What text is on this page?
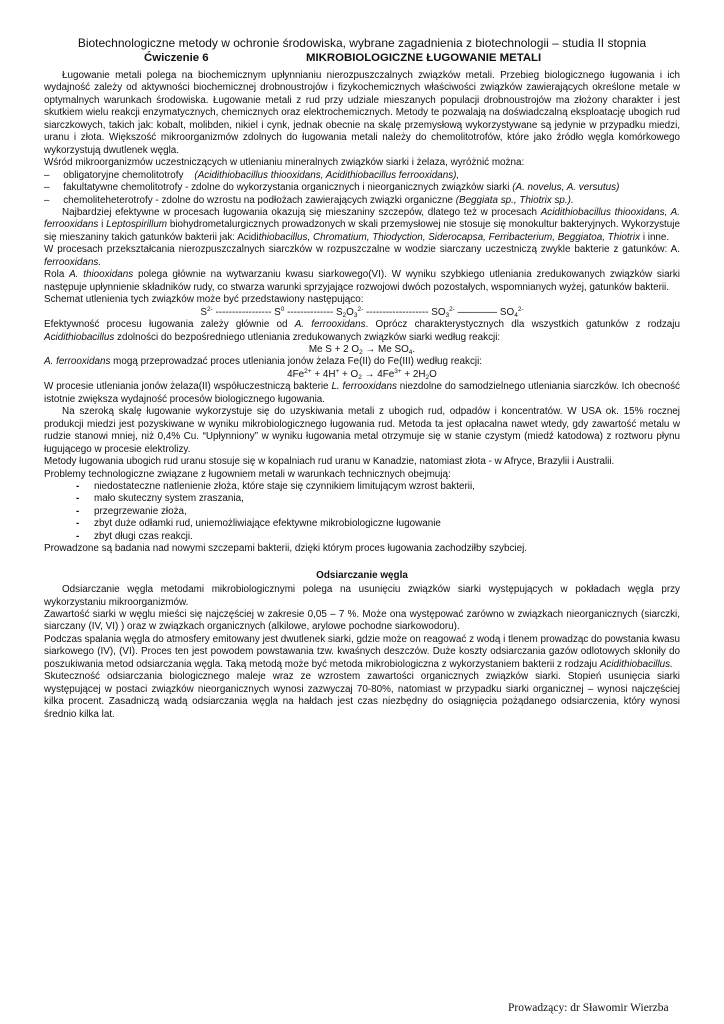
Biotechnologiczne metody w ochronie środowiska, wybrane zagadnienia z biotechnologii – studia II stopnia
Ćwiczenie 6	MIKROBIOLOGICZNE ŁUGOWANIE METALI

Ługowanie metali polega na biochemicznym upłynnianiu nierozpuszczalnych związków metali. Przebieg biologicznego ługowania i ich wydajność zależy od aktywności biochemicznej drobnoustrojów i fizykochemicznych właściwości związków zawierających określone metale w optymalnych warunkach środowiska. Ługowanie metali z rud przy udziale mieszanych populacji drobnoustrojów ma złożony charakter i jest skutkiem wielu reakcji enzymatycznych, chemicznych oraz elektrochemicznych. Metody te pozwalają na doświadczalną eksploatację ubogich rud siarczkowych, takich jak: kobalt, molibden, nikiel i cynk, jednak obecnie na skalę przemysłową wykorzystywane są jedynie w przypadku miedzi, uranu i złota. Większość mikroorganizmów zdolnych do ługowania metali należy do chemolitotrofów, które jako źródło węgla komórkowego wykorzystują dwutlenek węgla.

Wśród mikroorganizmów uczestniczących w utlenianiu mineralnych związków siarki i żelaza, wyróżnić można:

–     obligatoryjne chemolitotrofy (Acidithiobacillus thiooxidans, Acidithiobacillus ferrooxidans),
–     fakultatywne chemolitotrofy - zdolne do wykorzystania organicznych i nieorganicznych związków siarki (A. novelus, A. versutus)
–     chemoliteheterotrofy - zdolne do wzrostu na podłożach zawierających związki organiczne (Beggiata sp., Thiotrix sp.).

Najbardziej efektywne w procesach ługowania okazują się mieszaniny szczepów, dlatego też w procesach Acidithiobacillus thiooxidans, A. ferrooxidans i Leptospirillum biohydrometalurgicznych prowadzonych w skali przemysłowej nie stosuje się monokultur bakteryjnych. Wykorzystuje się mieszaniny takich gatunków bakterii jak: Acidithiobacillus, Chromatium, Thiodyction, Siderocapsa, Ferribacterium, Beggiatoa, Thiotrix i inne.

W procesach przekształcania nierozpuszczalnych siarczków w rozpuszczalne w wodzie siarczany uczestniczą zwykle bakterie z gatunków: A. ferrooxidans.

Rola A. thiooxidans polega głównie na wytwarzaniu kwasu siarkowego(VI). W wyniku szybkiego utleniania zredukowanych związków siarki następuje upłynnienie składników rudy, co stwarza warunki sprzyjające rozwojowi dwóch pozostałych, wspomnianych wyżej, gatunków bakterii.

Schemat utlenienia tych związków może być przedstawiony następująco:

$S^{2-}$ ----------------- $S^0$ -------------- $S_2O_3^{2-}$ ------------------- $SO_3^{2-}$ ———— $SO_4^{2-}$

Efektywność procesu ługowania zależy głównie od A. ferrooxidans. Oprócz charakterystycznych dla wszystkich gatunków z rodzaju Acidithiobacillus zdolności do bezpośredniego utleniania zredukowanych związków siarki według reakcji:

Me S + 2 $O_2 \to Me$ $SO_4$.

A. ferrooxidans mogą przeprowadzać proces utleniania jonów żelaza Fe(II) do Fe(III) według reakcji:

$4Fe^{2+} + 4H^+ + O_2 \to 4Fe^{3+} + 2H_2O$

W procesie utleniania jonów żelaza(II) współuczestniczą bakterie L. ferrooxidans niezdolne do samodzielnego utleniania siarczków. Ich obecność istotnie zwiększa wydajność procesów biologicznego ługowania.

Na szeroką skalę ługowanie wykorzystuje się do uzyskiwania metali z ubogich rud, odpadów i koncentratów. W USA ok. 15% rocznej produkcji miedzi jest pozyskiwane w wyniku mikrobiologicznego ługowania rud. Metoda ta jest opłacalna nawet wtedy, gdy zawartość metalu w rudzie stanowi mniej, niż 0,4% Cu. “Upłynniony” w wyniku ługowania metal otrzymuje się w stanie czystym (miedź katodowa) z roztworu płynu ługującego w procesie elektrolizy.

Metody ługowania ubogich rud uranu stosuje się w kopalniach rud uranu w Kanadzie, natomiast złota - w Afryce, Brazylii i Australii.

Problemy technologiczne związane z ługowniem metali w warunkach technicznych obejmują:

- niedostateczne natlenienie złoża, które staje się czynnikiem limitującym wzrost bakterii,
- mało skuteczny system zraszania,
- przegrzewanie złoża,
- zbyt duże odłamki rud, uniemożliwiające efektywne mikrobiologiczne ługowanie
- zbyt długi czas reakcji.

Prowadzone są badania nad nowymi szczepami bakterii, dzięki którym proces ługowania zachodziłby szybciej.

Odsiarczanie węgla

Odsiarczanie węgla metodami mikrobiologicznymi polega na usunięciu związków siarki występujących w pokładach węgla przy wykorzystaniu mikroorganizmów.

Zawartość siarki w węglu mieści się najczęściej w zakresie 0,05 – 7 %. Może ona występować zarówno w związkach nieorganicznych (siarczki, siarczany (IV, VI) ) oraz w związkach organicznych (alkilowe, arylowe pochodne siarkowodoru).

Podczas spalania węgla do atmosfery emitowany jest dwutlenek siarki, gdzie może on reagować z wodą i tlenem prowadząc do powstania kwasu siarkowego (IV), (VI). Proces ten jest powodem powstawania tzw. kwaśnych deszczów. Duże koszty odsiarczania gazów odlotowych skłoniły do poszukiwania metod odsiarczania węgla. Taką metodą może być metoda mikrobiologiczna z wykorzystaniem bakterii z rodzaju Acidithiobacillus.

Skuteczność odsiarczania biologicznego maleje wraz ze wzrostem zawartości organicznych związków siarki. Stopień usunięcia siarki występującej w postaci związków nieorganicznych wynosi zazwyczaj 70-80%, natomiast w przypadku siarki organicznej – wynosi najczęściej kilka procent. Zasadniczą wadą odsiarczania węgla na hałdach jest czas niezbędny do osiągnięcia pożądanego odsiarczenia, który wynosi średnio kilka lat.

Prowadzący: dr Sławomir Wierzba
